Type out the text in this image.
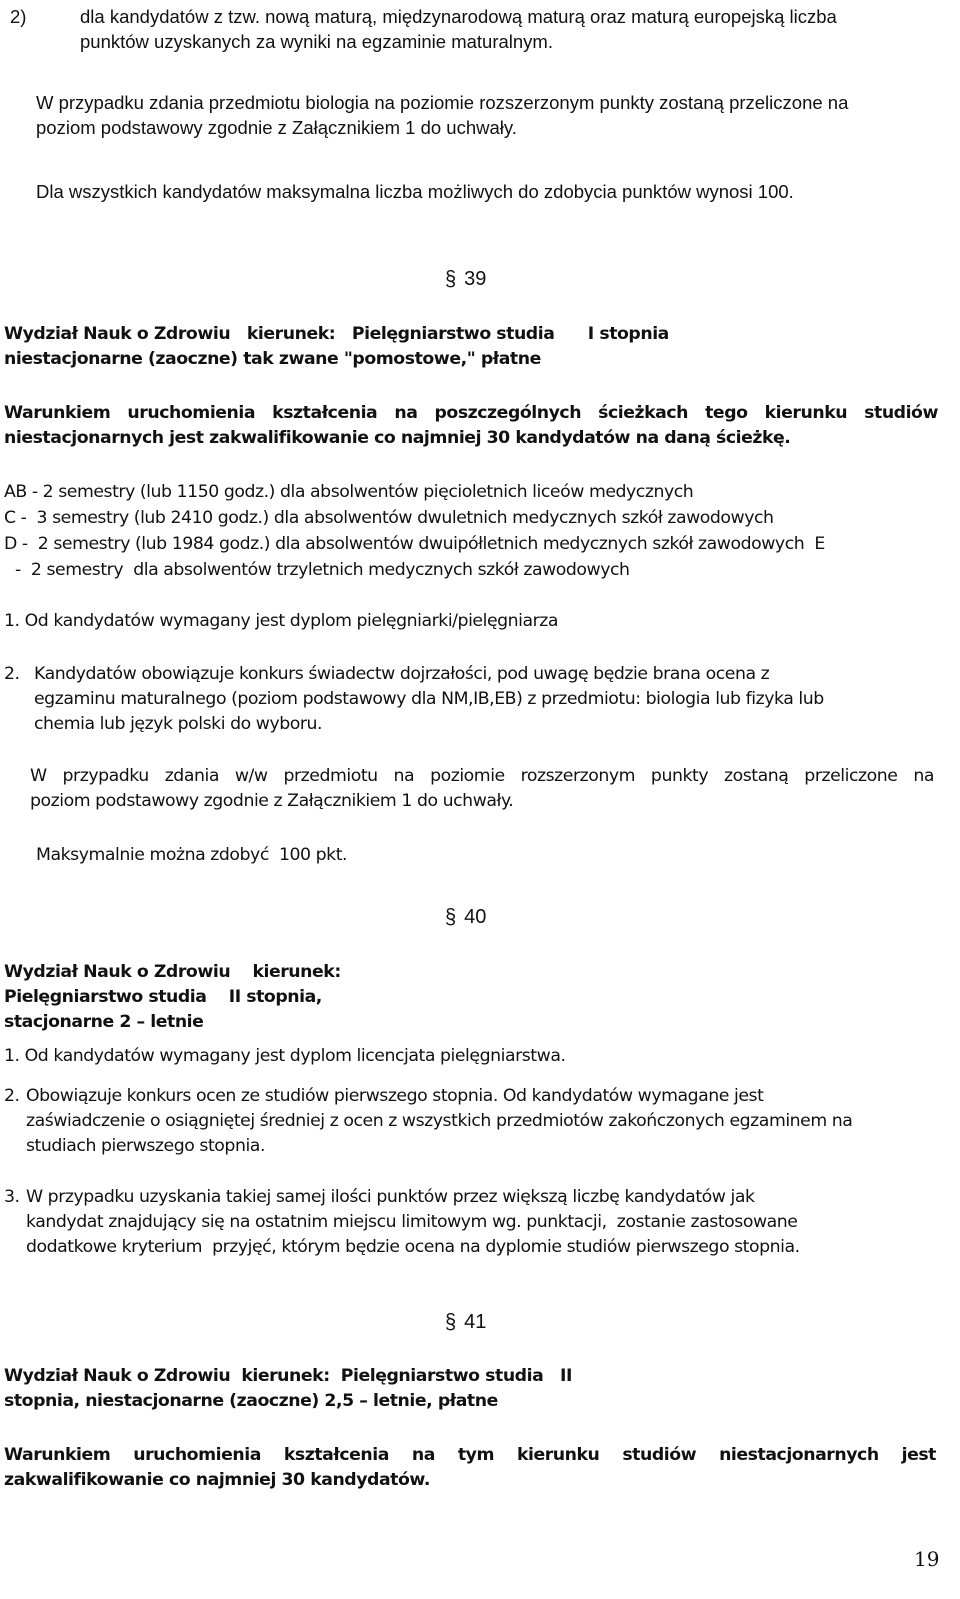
2)	dla kandydatów z tzw. nową maturą, międzynarodową maturą oraz maturą europejską liczba
punktów uzyskanych za wyniki na egzaminie maturalnym.
W przypadku zdania przedmiotu biologia na poziomie rozszerzonym punkty zostaną przeliczone na
poziom podstawowy zgodnie z Załącznikiem 1 do uchwały.
Dla wszystkich kandydatów maksymalna liczba możliwych do zdobycia punktów wynosi 100.
§ 39
Wydział Nauk o Zdrowiu   kierunek:   Pielęgniarstwo studia      I stopnia
niestacjonarne (zaoczne) tak zwane "pomostowe," płatne
Warunkiem uruchomienia kształcenia na poszczególnych ścieżkach tego kierunku studiów
niestacjonarnych jest zakwalifikowanie co najmniej 30 kandydatów na daną ścieżkę.
AB - 2 semestry (lub 1150 godz.) dla absolwentów pięcioletnich liceów medycznych
C -  3 semestry (lub 2410 godz.) dla absolwentów dwuletnich medycznych szkół zawodowych
D -  2 semestry (lub 1984 godz.) dla absolwentów dwuipółletnich medycznych szkół zawodowych  E
-  2 semestry  dla absolwentów trzyletnich medycznych szkół zawodowych
1. Od kandydatów wymagany jest dyplom pielęgniarki/pielęgniarza
2. Kandydatów obowiązuje konkurs świadectw dojrzałości, pod uwagę będzie brana ocena z
egzaminu maturalnego (poziom podstawowy dla NM,IB,EB) z przedmiotu: biologia lub fizyka lub
chemia lub język polski do wyboru.
W przypadku zdania w/w przedmiotu na poziomie rozszerzonym punkty zostaną przeliczone na
poziom podstawowy zgodnie z Załącznikiem 1 do uchwały.
Maksymalnie można zdobyć  100 pkt.
§ 40
Wydział Nauk o Zdrowiu    kierunek:
Pielęgniarstwo studia    II stopnia,
stacjonarne 2 – letnie
1. Od kandydatów wymagany jest dyplom licencjata pielęgniarstwa.
2. Obowiązuje konkurs ocen ze studiów pierwszego stopnia. Od kandydatów wymagane jest
zaświadczenie o osiągniętej średniej z ocen z wszystkich przedmiotów zakończonych egzaminem na
studiach pierwszego stopnia.
3. W przypadku uzyskania takiej samej ilości punktów przez większą liczbę kandydatów jak
kandydat znajdujący się na ostatnim miejscu limitowym wg. punktacji,  zostanie zastosowane
dodatkowe kryterium  przyjęć, którym będzie ocena na dyplomie studiów pierwszego stopnia.
§ 41
Wydział Nauk o Zdrowiu  kierunek:  Pielęgniarstwo studia   II
stopnia, niestacjonarne (zaoczne) 2,5 – letnie, płatne
Warunkiem uruchomienia kształcenia na tym kierunku studiów niestacjonarnych jest
zakwalifikowanie co najmniej 30 kandydatów.
19
